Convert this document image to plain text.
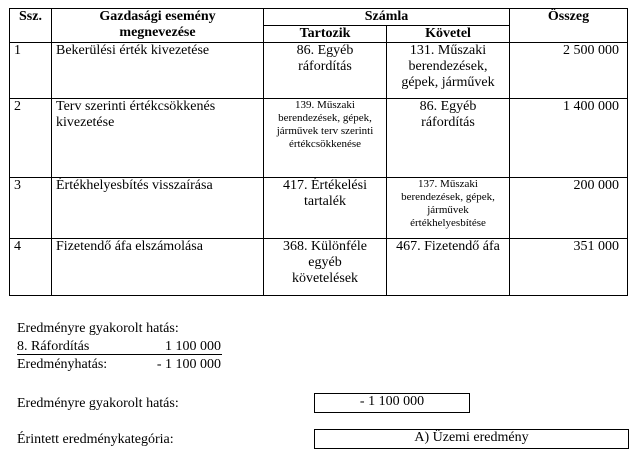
Ssz.	Gazdasági esemény megnevezése	Számla		Összeg
		Tartozik	Követel	
1	Bekerülési érték kivezetése	86. Egyéb ráfordítás	131. Műszaki berendezések, gépek, járművek	2 500 000
2	Terv szerinti értékcsökkenés kivezetése	139. Műszaki berendezések, gépek, járművek terv szerinti értékcsökkenése	86. Egyéb ráfordítás	1 400 000
3	Értékhelyesbítés visszaírása	417. Értékelési tartalék	137. Műszaki berendezések, gépek, járművek értékhelyesbítése	200 000
4	Fizetendő áfa elszámolása	368. Különféle egyéb követelések	467. Fizetendő áfa	351 000
Eredményre gyakorolt hatás:
8. Ráfordítás	1 100 000
Eredményhatás:	- 1 100 000
Eredményre gyakorolt hatás:	- 1 100 000
Érintett eredménykategória:	A) Üzemi eredmény
